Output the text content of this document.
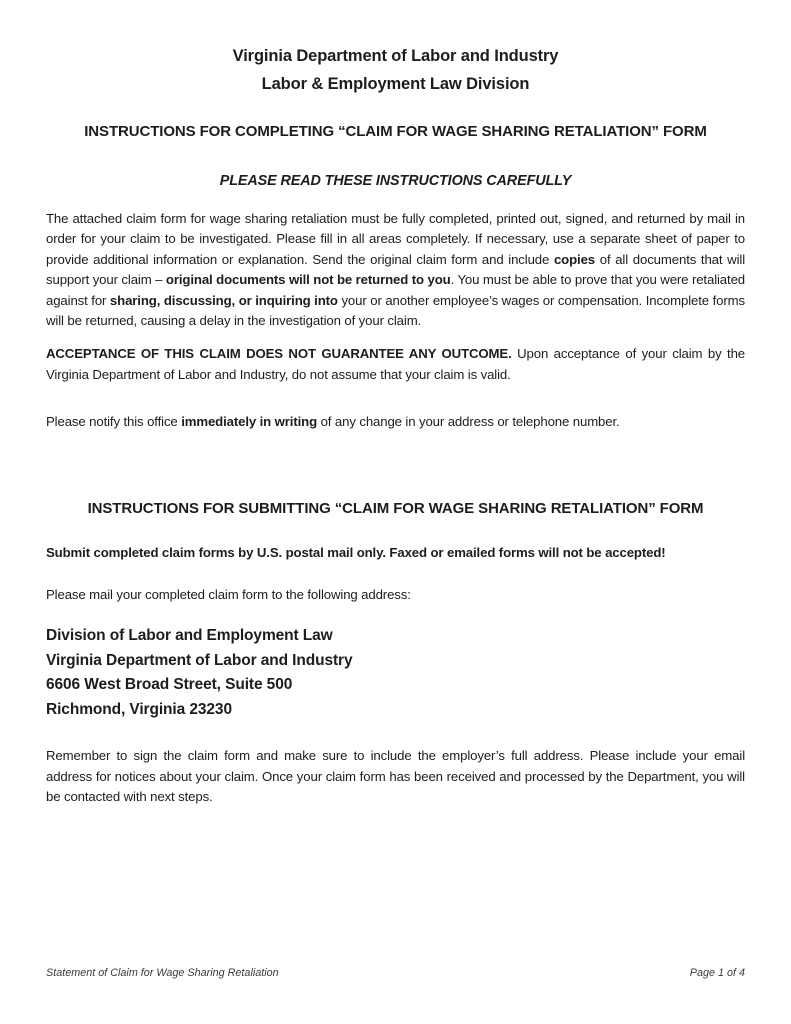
Virginia Department of Labor and Industry
Labor & Employment Law Division
INSTRUCTIONS FOR COMPLETING “CLAIM FOR WAGE SHARING RETALIATION” FORM
PLEASE READ THESE INSTRUCTIONS CAREFULLY

The attached claim form for wage sharing retaliation must be fully completed, printed out, signed, and returned by mail in order for your claim to be investigated. Please fill in all areas completely. If necessary, use a separate sheet of paper to provide additional information or explanation. Send the original claim form and include copies of all documents that will support your claim – original documents will not be returned to you. You must be able to prove that you were retaliated against for sharing, discussing, or inquiring into your or another employee’s wages or compensation. Incomplete forms will be returned, causing a delay in the investigation of your claim.

ACCEPTANCE OF THIS CLAIM DOES NOT GUARANTEE ANY OUTCOME. Upon acceptance of your claim by the Virginia Department of Labor and Industry, do not assume that your claim is valid.

Please notify this office immediately in writing of any change in your address or telephone number.

INSTRUCTIONS FOR SUBMITTING “CLAIM FOR WAGE SHARING RETALIATION” FORM

Submit completed claim forms by U.S. postal mail only. Faxed or emailed forms will not be accepted!

Please mail your completed claim form to the following address:

Division of Labor and Employment Law
Virginia Department of Labor and Industry
6606 West Broad Street, Suite 500
Richmond, Virginia 23230

Remember to sign the claim form and make sure to include the employer’s full address. Please include your email address for notices about your claim. Once your claim form has been received and processed by the Department, you will be contacted with next steps.

Statement of Claim for Wage Sharing Retaliation	Page 1 of 4
